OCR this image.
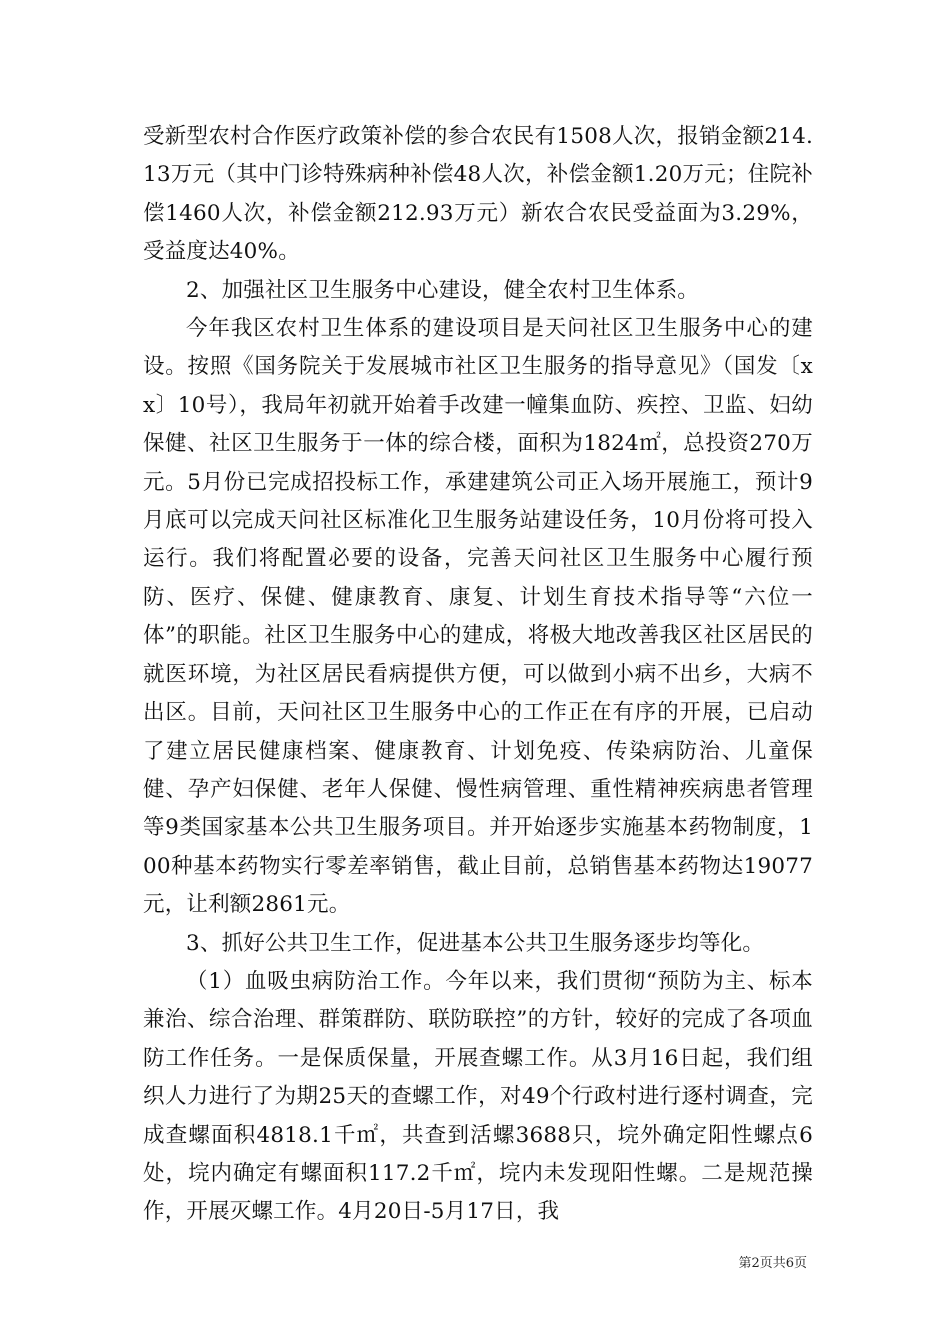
受新型农村合作医疗政策补偿的参合农民有1508人次，报销金额214.13万元（其中门诊特殊病种补偿48人次，补偿金额1.20万元；住院补偿1460人次，补偿金额212.93万元）新农合农民受益面为3.29%，受益度达40%。

2、加强社区卫生服务中心建设，健全农村卫生体系。

今年我区农村卫生体系的建设项目是天问社区卫生服务中心的建设。按照《国务院关于发展城市社区卫生服务的指导意见》（国发〔xx〕10号），我局年初就开始着手改建一幢集血防、疾控、卫监、妇幼保健、社区卫生服务于一体的综合楼，面积为1824㎡，总投资270万元。5月份已完成招投标工作，承建建筑公司正入场开展施工，预计9月底可以完成天问社区标准化卫生服务站建设任务，10月份将可投入运行。我们将配置必要的设备，完善天问社区卫生服务中心履行预防、医疗、保健、健康教育、康复、计划生育技术指导等“六位一体”的职能。社区卫生服务中心的建成，将极大地改善我区社区居民的就医环境，为社区居民看病提供方便，可以做到小病不出乡，大病不出区。目前，天问社区卫生服务中心的工作正在有序的开展，已启动了建立居民健康档案、健康教育、计划免疫、传染病防治、儿童保健、孕产妇保健、老年人保健、慢性病管理、重性精神疾病患者管理等9类国家基本公共卫生服务项目。并开始逐步实施基本药物制度，100种基本药物实行零差率销售，截止目前，总销售基本药物达19077元，让利额2861元。

3、抓好公共卫生工作，促进基本公共卫生服务逐步均等化。

（1）血吸虫病防治工作。今年以来，我们贯彻“预防为主、标本兼治、综合治理、群策群防、联防联控”的方针，较好的完成了各项血防工作任务。一是保质保量，开展查螺工作。从3月16日起，我们组织人力进行了为期25天的查螺工作，对49个行政村进行逐村调查，完成查螺面积4818.1千㎡，共查到活螺3688只，垸外确定阳性螺点6处，垸内确定有螺面积117.2千㎡，垸内未发现阳性螺。二是规范操作，开展灭螺工作。4月20日-5月17日，我

第2页共6页
